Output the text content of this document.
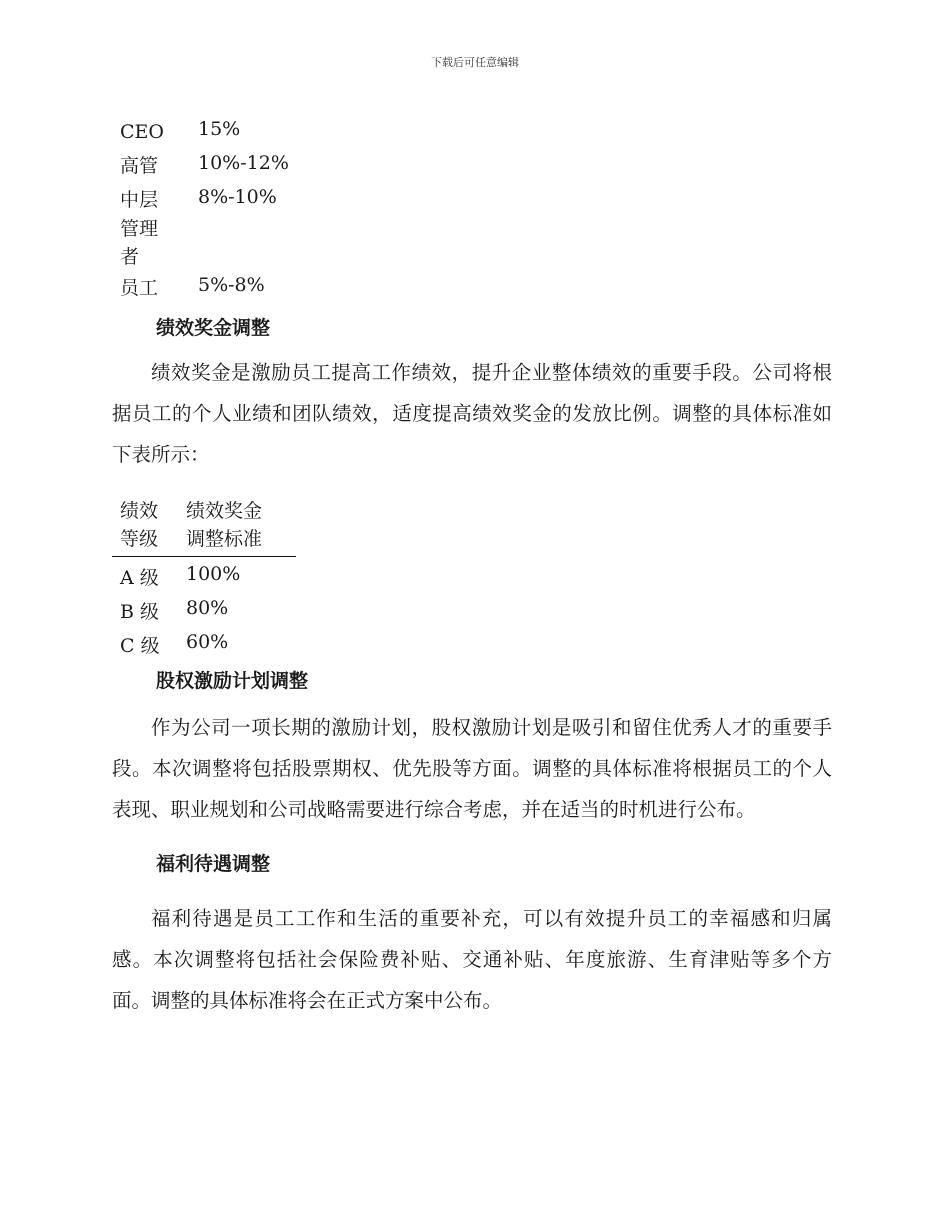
下载后可任意编辑
CEO	15%
高管	10%-12%

中层管理者	8%-10%
员工	5%-8%
绩效奖金调整

绩效奖金是激励员工提高工作绩效，提升企业整体绩效的重要手段。公司将根据员工的个人业绩和团队绩效，适度提高绩效奖金的发放比例。调整的具体标准如下表所示：

绩效等级	绩效奖金调整标准
A 级	100%
B 级	80%
C 级	60%
股权激励计划调整

作为公司一项长期的激励计划，股权激励计划是吸引和留住优秀人才的重要手段。本次调整将包括股票期权、优先股等方面。调整的具体标准将根据员工的个人表现、职业规划和公司战略需要进行综合考虑，并在适当的时机进行公布。

福利待遇调整

福利待遇是员工工作和生活的重要补充，可以有效提升员工的幸福感和归属感。本次调整将包括社会保险费补贴、交通补贴、年度旅游、生育津贴等多个方面。调整的具体标准将会在正式方案中公布。
